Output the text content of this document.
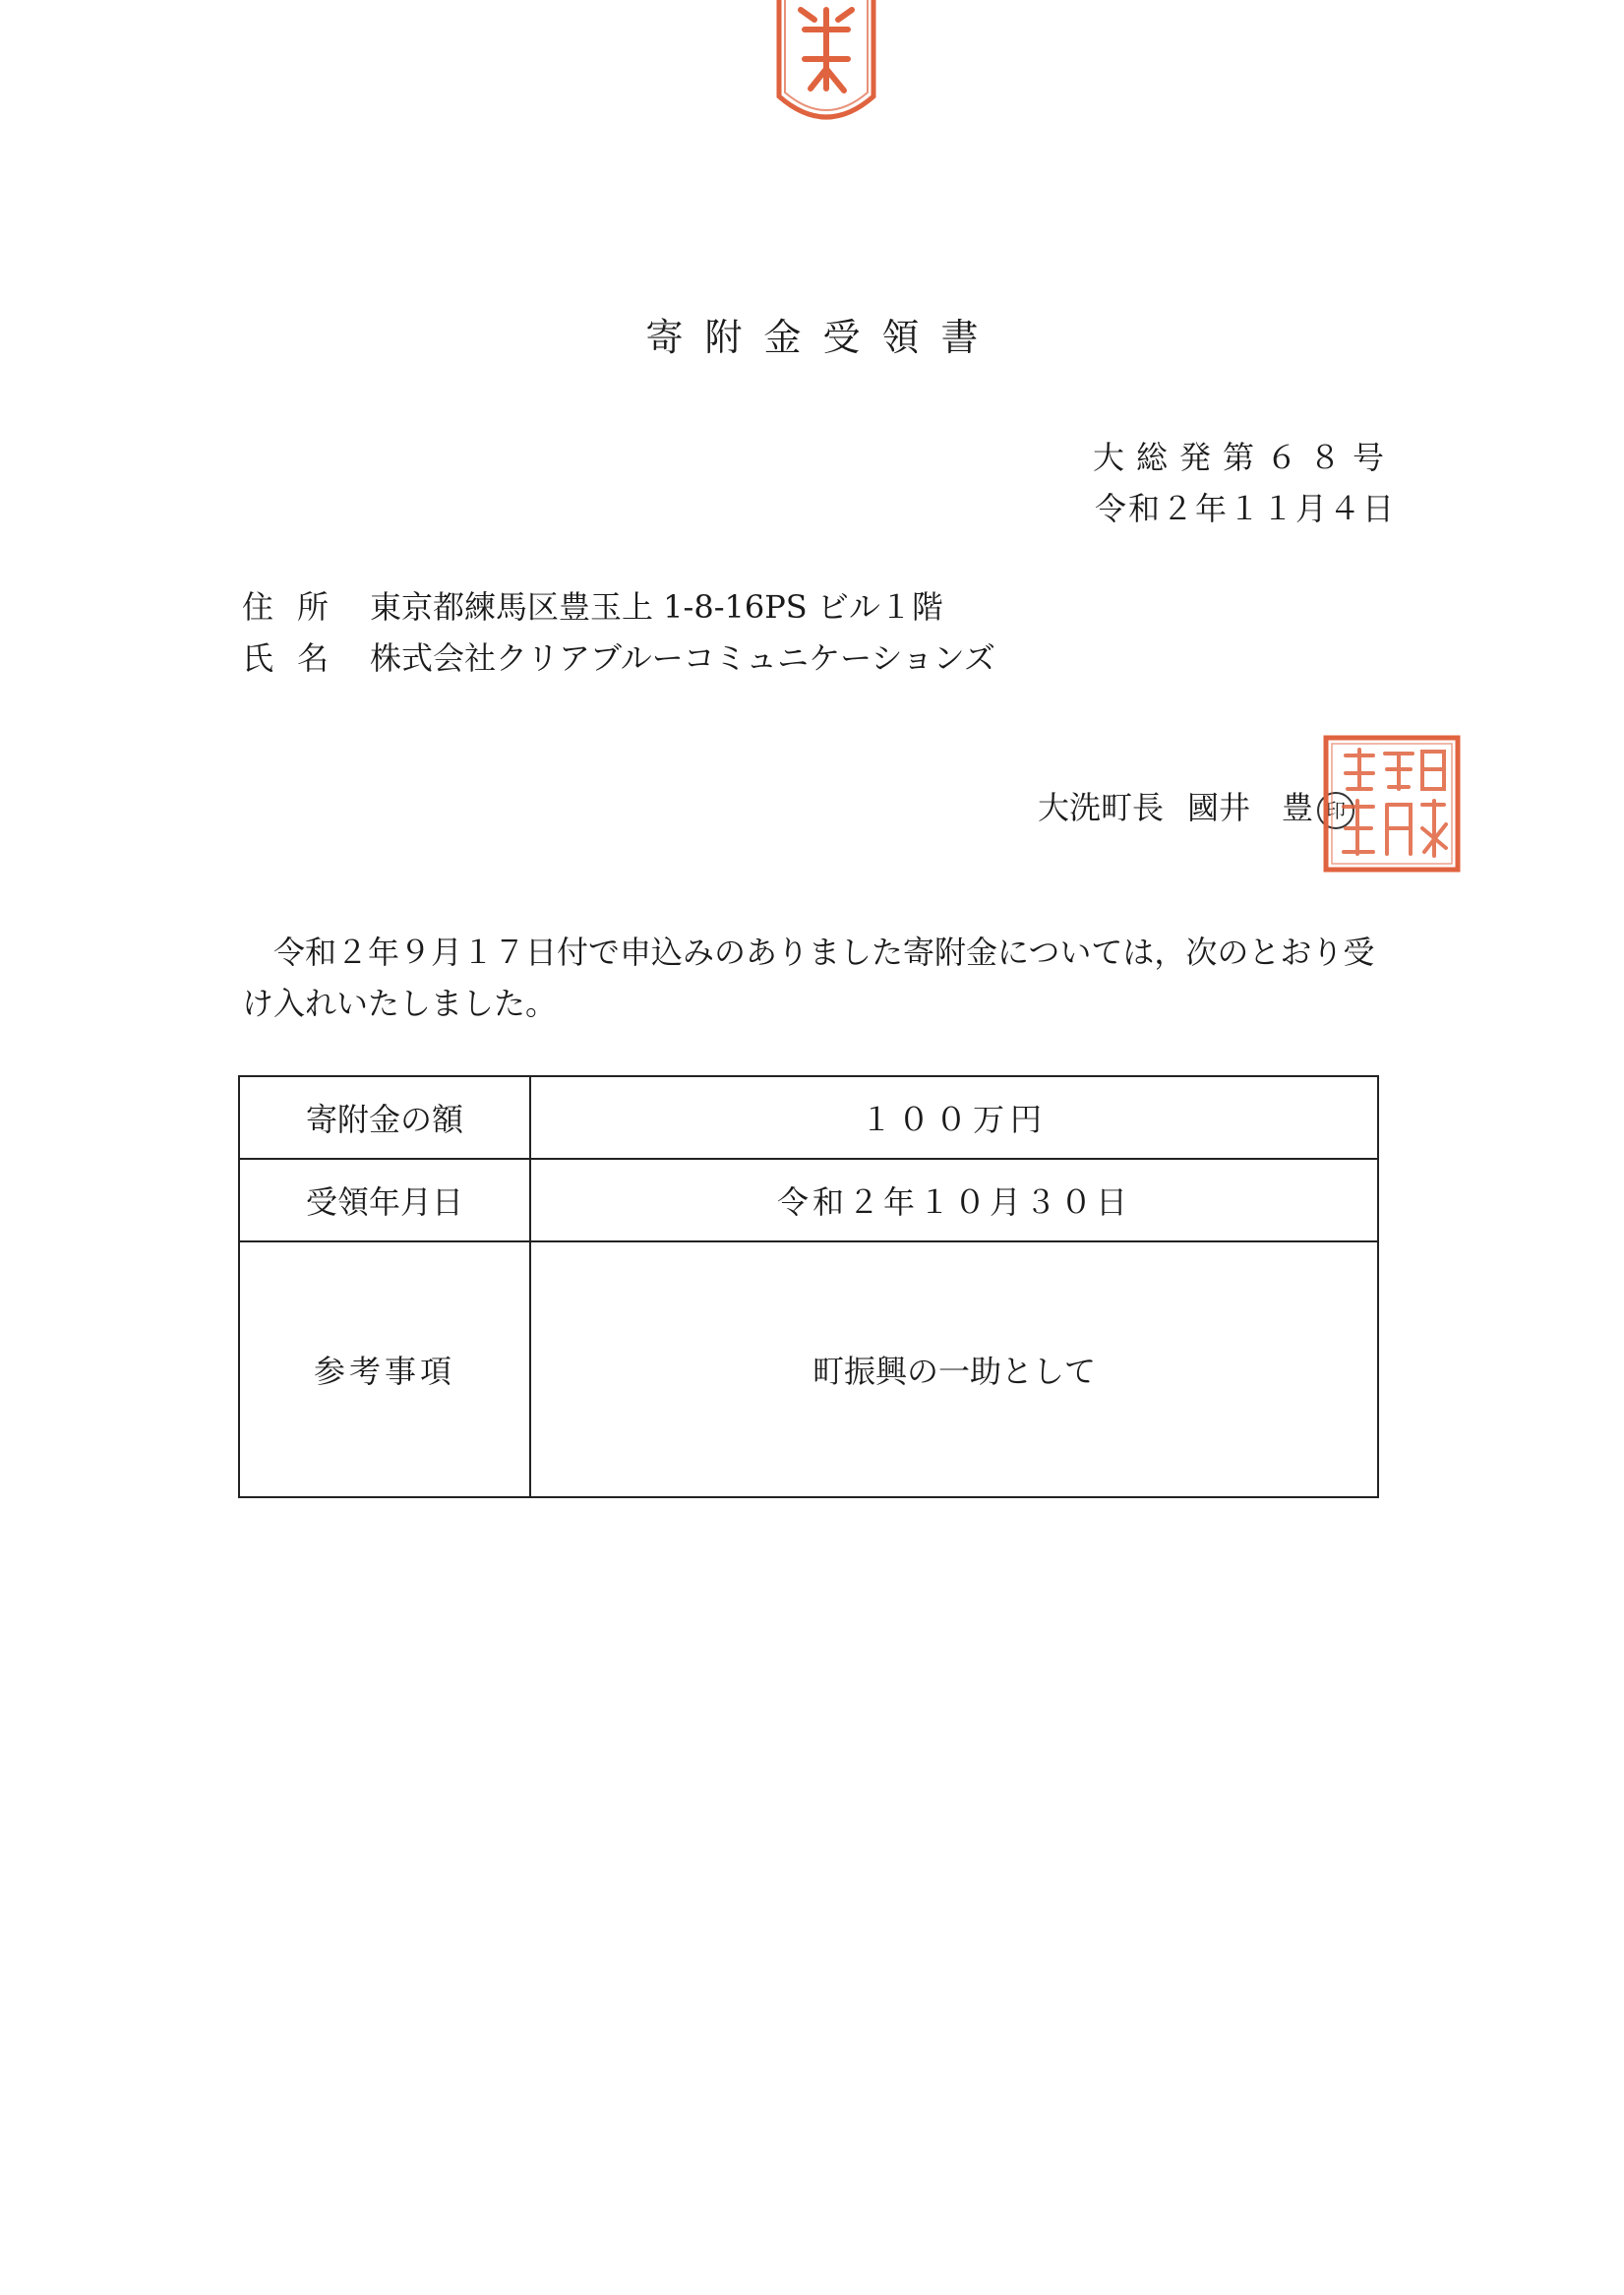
寄附金受領書
大総発第６８号
令和２年１１月４日
住所 東京都練馬区豊玉上 1-8-16PS ビル１階
氏名 株式会社クリアブルーコミュニケーションズ
大洗町長 國井　豊 印
令和２年９月１７日付で申込みのありました寄附金については，次のとおり受け入れいたしました。
寄附金の額	１００万円
受領年月日	令和２年１０月３０日
参考事項	町振興の一助として
